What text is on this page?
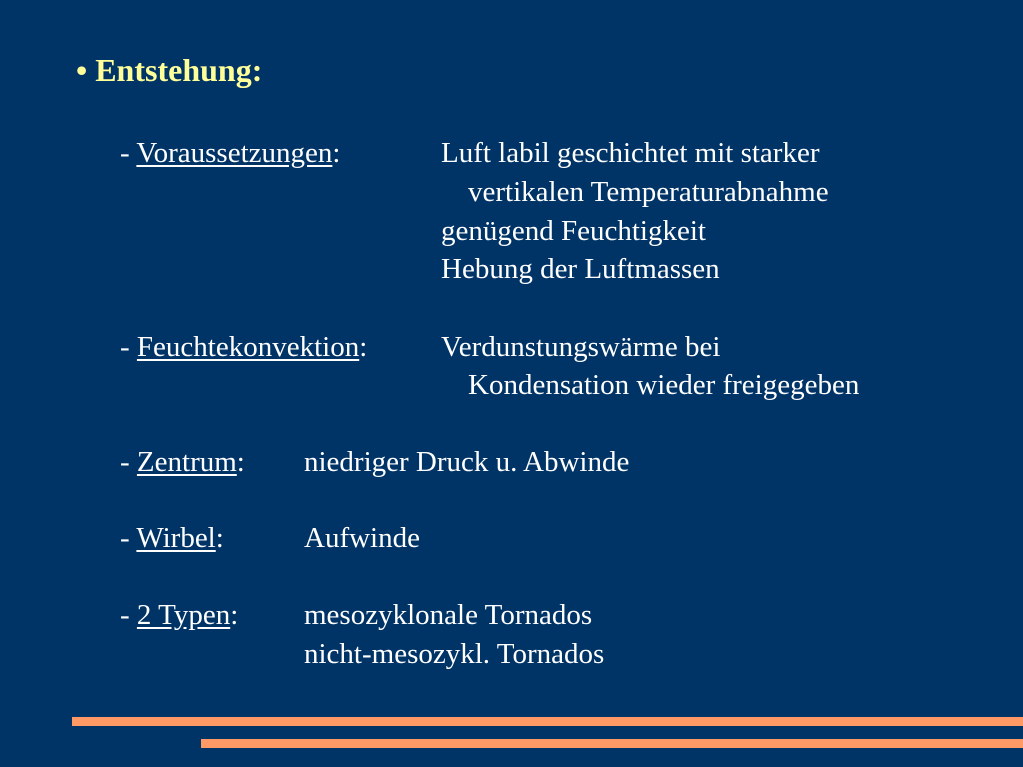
• Entstehung:
- Voraussetzungen:	Luft labil geschichtet mit starker
vertikalen Temperaturabnahme
genügend Feuchtigkeit
Hebung der Luftmassen
- Feuchtekonvektion:	Verdunstungswärme bei
Kondensation wieder freigegeben
- Zentrum: niedriger Druck u. Abwinde
- Wirbel:	Aufwinde
- 2 Typen: mesozyklonale Tornados
nicht-mesozykl. Tornados
